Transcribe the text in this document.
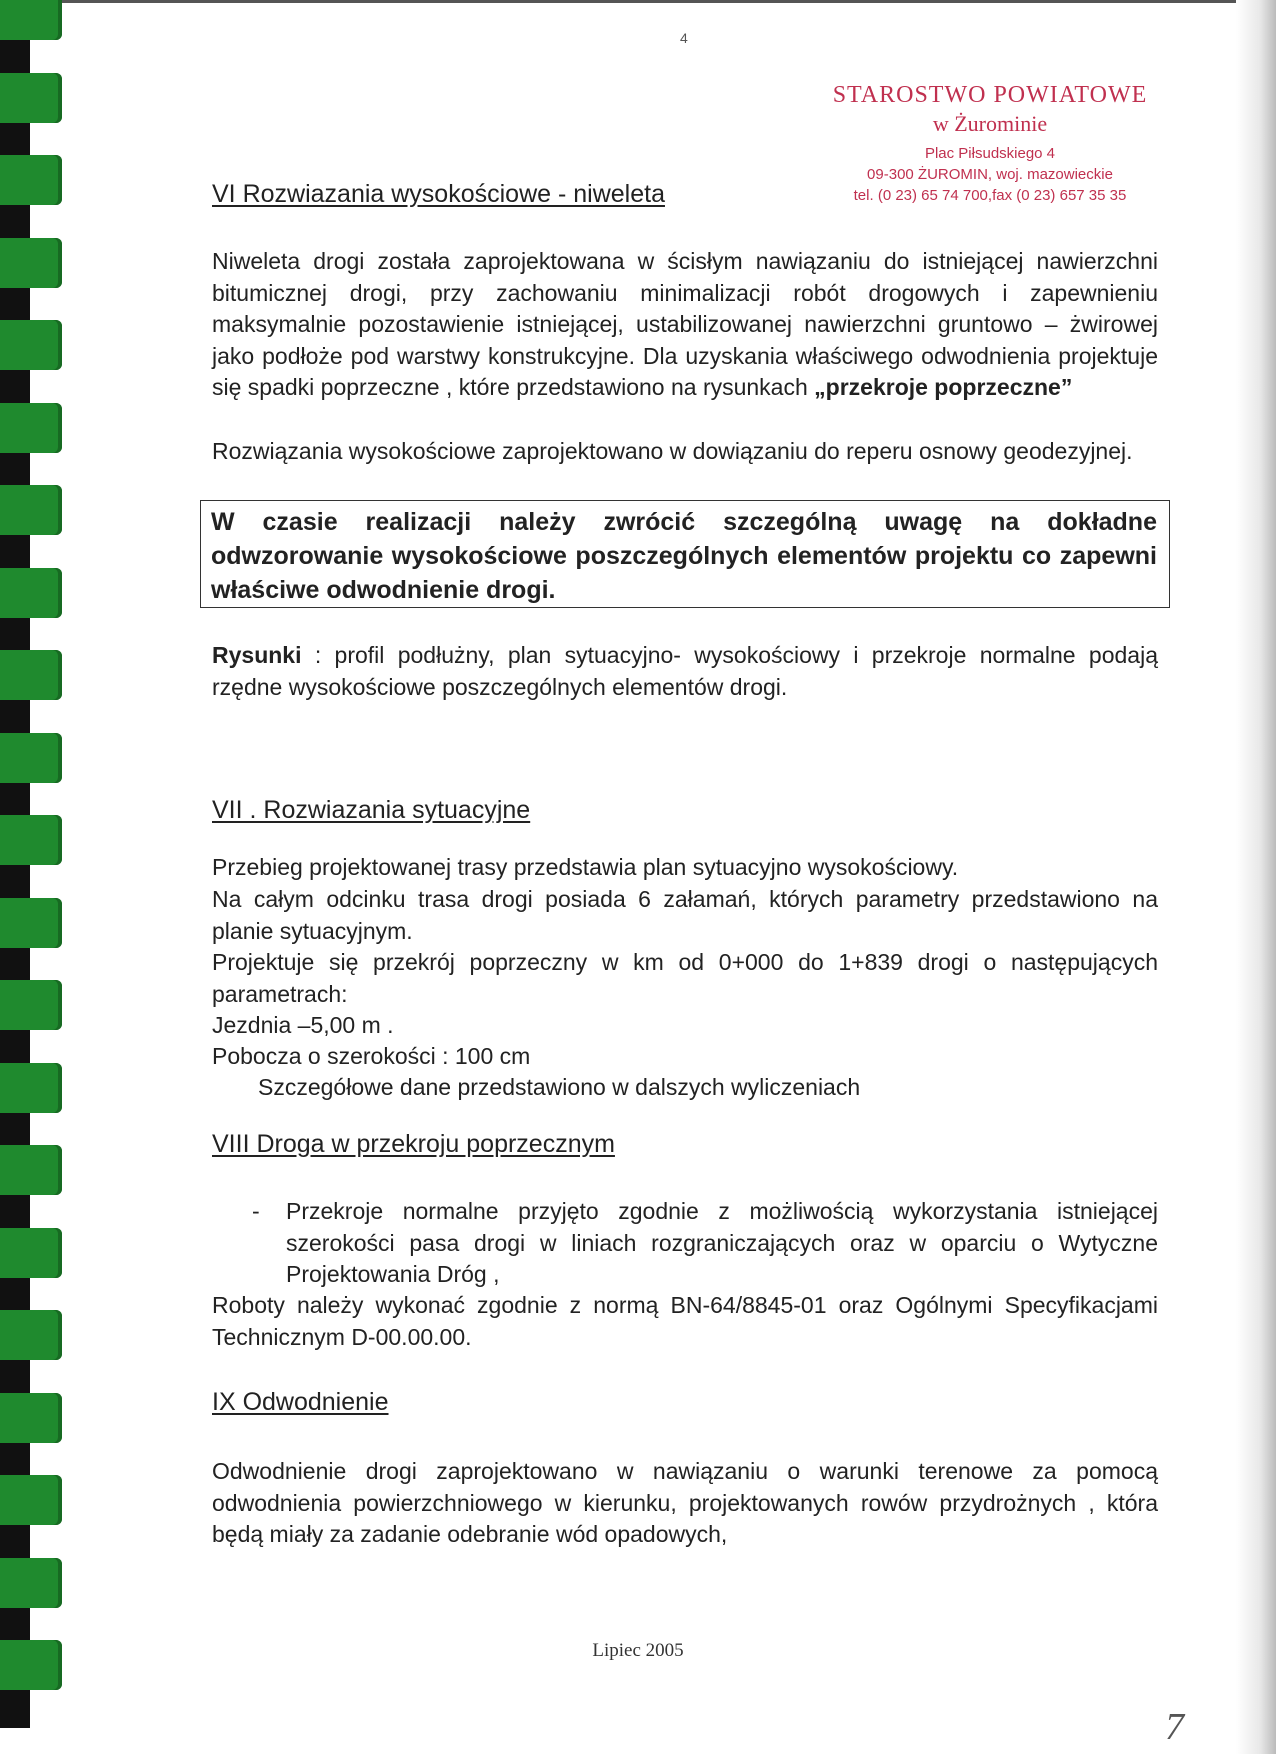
4
STAROSTWO POWIATOWE
w Żurominie
Plac Piłsudskiego 4
09-300 ŻUROMIN, woj. mazowieckie
tel. (0 23) 65 74 700,fax (0 23) 657 35 35
VI Rozwiazania wysokościowe - niweleta
Niweleta drogi została zaprojektowana w ścisłym nawiązaniu do istniejącej nawierzchni bitumicznej drogi, przy zachowaniu minimalizacji robót drogowych i zapewnieniu maksymalnie pozostawienie istniejącej, ustabilizowanej nawierzchni gruntowo – żwirowej jako podłoże pod warstwy konstrukcyjne. Dla uzyskania właściwego odwodnienia projektuje się spadki poprzeczne , które przedstawiono na rysunkach „przekroje poprzeczne”
Rozwiązania wysokościowe zaprojektowano w dowiązaniu do reperu osnowy geodezyjnej.
W czasie realizacji należy zwrócić szczególną uwagę na dokładne odwzorowanie wysokościowe poszczególnych elementów projektu co zapewni właściwe odwodnienie drogi.
Rysunki : profil podłużny, plan sytuacyjno- wysokościowy i przekroje normalne podają rzędne wysokościowe poszczególnych elementów drogi.
VII . Rozwiazania sytuacyjne
Przebieg projektowanej trasy przedstawia plan sytuacyjno wysokościowy.
Na całym odcinku trasa drogi posiada 6 załamań, których parametry przedstawiono na planie sytuacyjnym.
Projektuje się przekrój poprzeczny w km od 0+000 do 1+839 drogi o następujących parametrach:
Jezdnia –5,00 m .
Pobocza o szerokości : 100 cm
Szczegółowe dane przedstawiono w dalszych wyliczeniach
VIII Droga w przekroju poprzecznym
- Przekroje normalne przyjęto zgodnie z możliwością wykorzystania istniejącej szerokości pasa drogi w liniach rozgraniczających oraz w oparciu o Wytyczne Projektowania Dróg ,
Roboty należy wykonać zgodnie z normą BN-64/8845-01 oraz Ogólnymi Specyfikacjami Technicznym D-00.00.00.
IX Odwodnienie
Odwodnienie drogi zaprojektowano w nawiązaniu o warunki terenowe za pomocą odwodnienia powierzchniowego w kierunku, projektowanych rowów przydrożnych , która będą miały za zadanie odebranie wód opadowych,
Lipiec 2005
7
